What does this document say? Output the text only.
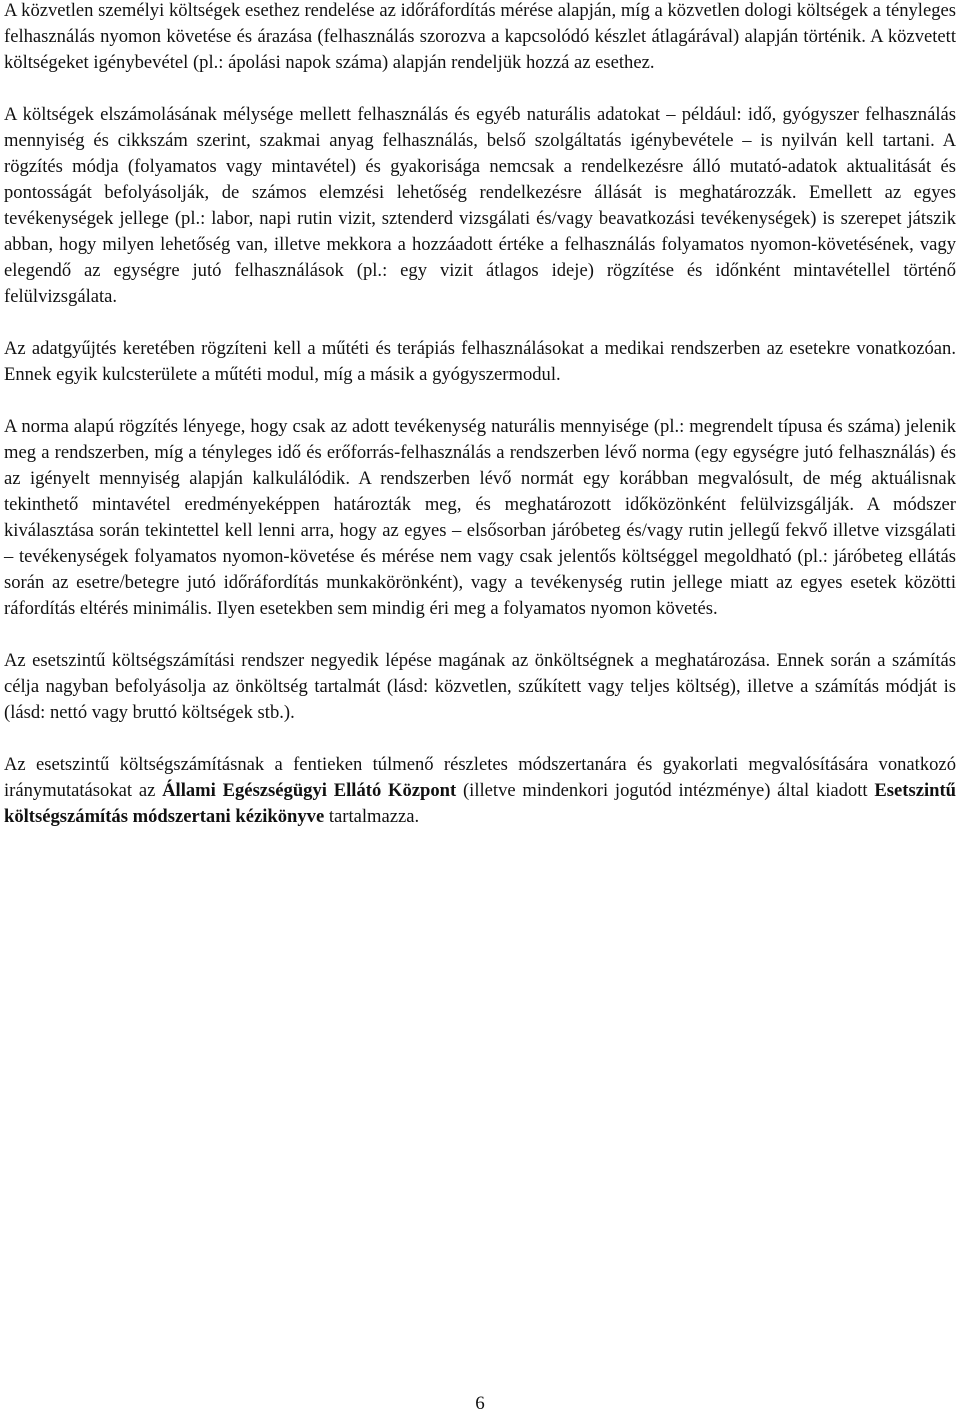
A közvetlen személyi költségek esethez rendelése az időráfordítás mérése alapján, míg a közvetlen dologi költségek a tényleges felhasználás nyomon követése és árazása (felhasználás szorozva a kapcsolódó készlet átlagárával) alapján történik. A közvetett költségeket igénybevétel (pl.: ápolási napok száma) alapján rendeljük hozzá az esethez.

A költségek elszámolásának mélysége mellett felhasználás és egyéb naturális adatokat – például: idő, gyógyszer felhasználás mennyiség és cikkszám szerint, szakmai anyag felhasználás, belső szolgáltatás igénybevétele – is nyilván kell tartani. A rögzítés módja (folyamatos vagy mintavétel) és gyakorisága nemcsak a rendelkezésre álló mutató-adatok aktualitását és pontosságát befolyásolják, de számos elemzési lehetőség rendelkezésre állását is meghatározzák. Emellett az egyes tevékenységek jellege (pl.: labor, napi rutin vizit, sztenderd vizsgálati és/vagy beavatkozási tevékenységek) is szerepet játszik abban, hogy milyen lehetőség van, illetve mekkora a hozzáadott értéke a felhasználás folyamatos nyomon-követésének, vagy elegendő az egységre jutó felhasználások (pl.: egy vizit átlagos ideje) rögzítése és időnként mintavétellel történő felülvizsgálata.

Az adatgyűjtés keretében rögzíteni kell a műtéti és terápiás felhasználásokat a medikai rendszerben az esetekre vonatkozóan. Ennek egyik kulcsterülete a műtéti modul, míg a másik a gyógyszermodul.

A norma alapú rögzítés lényege, hogy csak az adott tevékenység naturális mennyisége (pl.: megrendelt típusa és száma) jelenik meg a rendszerben, míg a tényleges idő és erőforrás-felhasználás a rendszerben lévő norma (egy egységre jutó felhasználás) és az igényelt mennyiség alapján kalkulálódik. A rendszerben lévő normát egy korábban megvalósult, de még aktuálisnak tekinthető mintavétel eredményeképpen határozták meg, és meghatározott időközönként felülvizsgálják. A módszer kiválasztása során tekintettel kell lenni arra, hogy az egyes – elsősorban járóbeteg és/vagy rutin jellegű fekvő illetve vizsgálati – tevékenységek folyamatos nyomon-követése és mérése nem vagy csak jelentős költséggel megoldható (pl.: járóbeteg ellátás során az esetre/betegre jutó időráfordítás munkakörönként), vagy a tevékenység rutin jellege miatt az egyes esetek közötti ráfordítás eltérés minimális. Ilyen esetekben sem mindig éri meg a folyamatos nyomon követés.

Az esetszintű költségszámítási rendszer negyedik lépése magának az önköltségnek a meghatározása. Ennek során a számítás célja nagyban befolyásolja az önköltség tartalmát (lásd: közvetlen, szűkített vagy teljes költség), illetve a számítás módját is (lásd: nettó vagy bruttó költségek stb.).

Az esetszintű költségszámításnak a fentieken túlmenő részletes módszertanára és gyakorlati megvalósítására vonatkozó iránymutatásokat az Állami Egészségügyi Ellátó Központ (illetve mindenkori jogutód intézménye) által kiadott Esetszintű költségszámítás módszertani kézikönyve tartalmazza.

6
